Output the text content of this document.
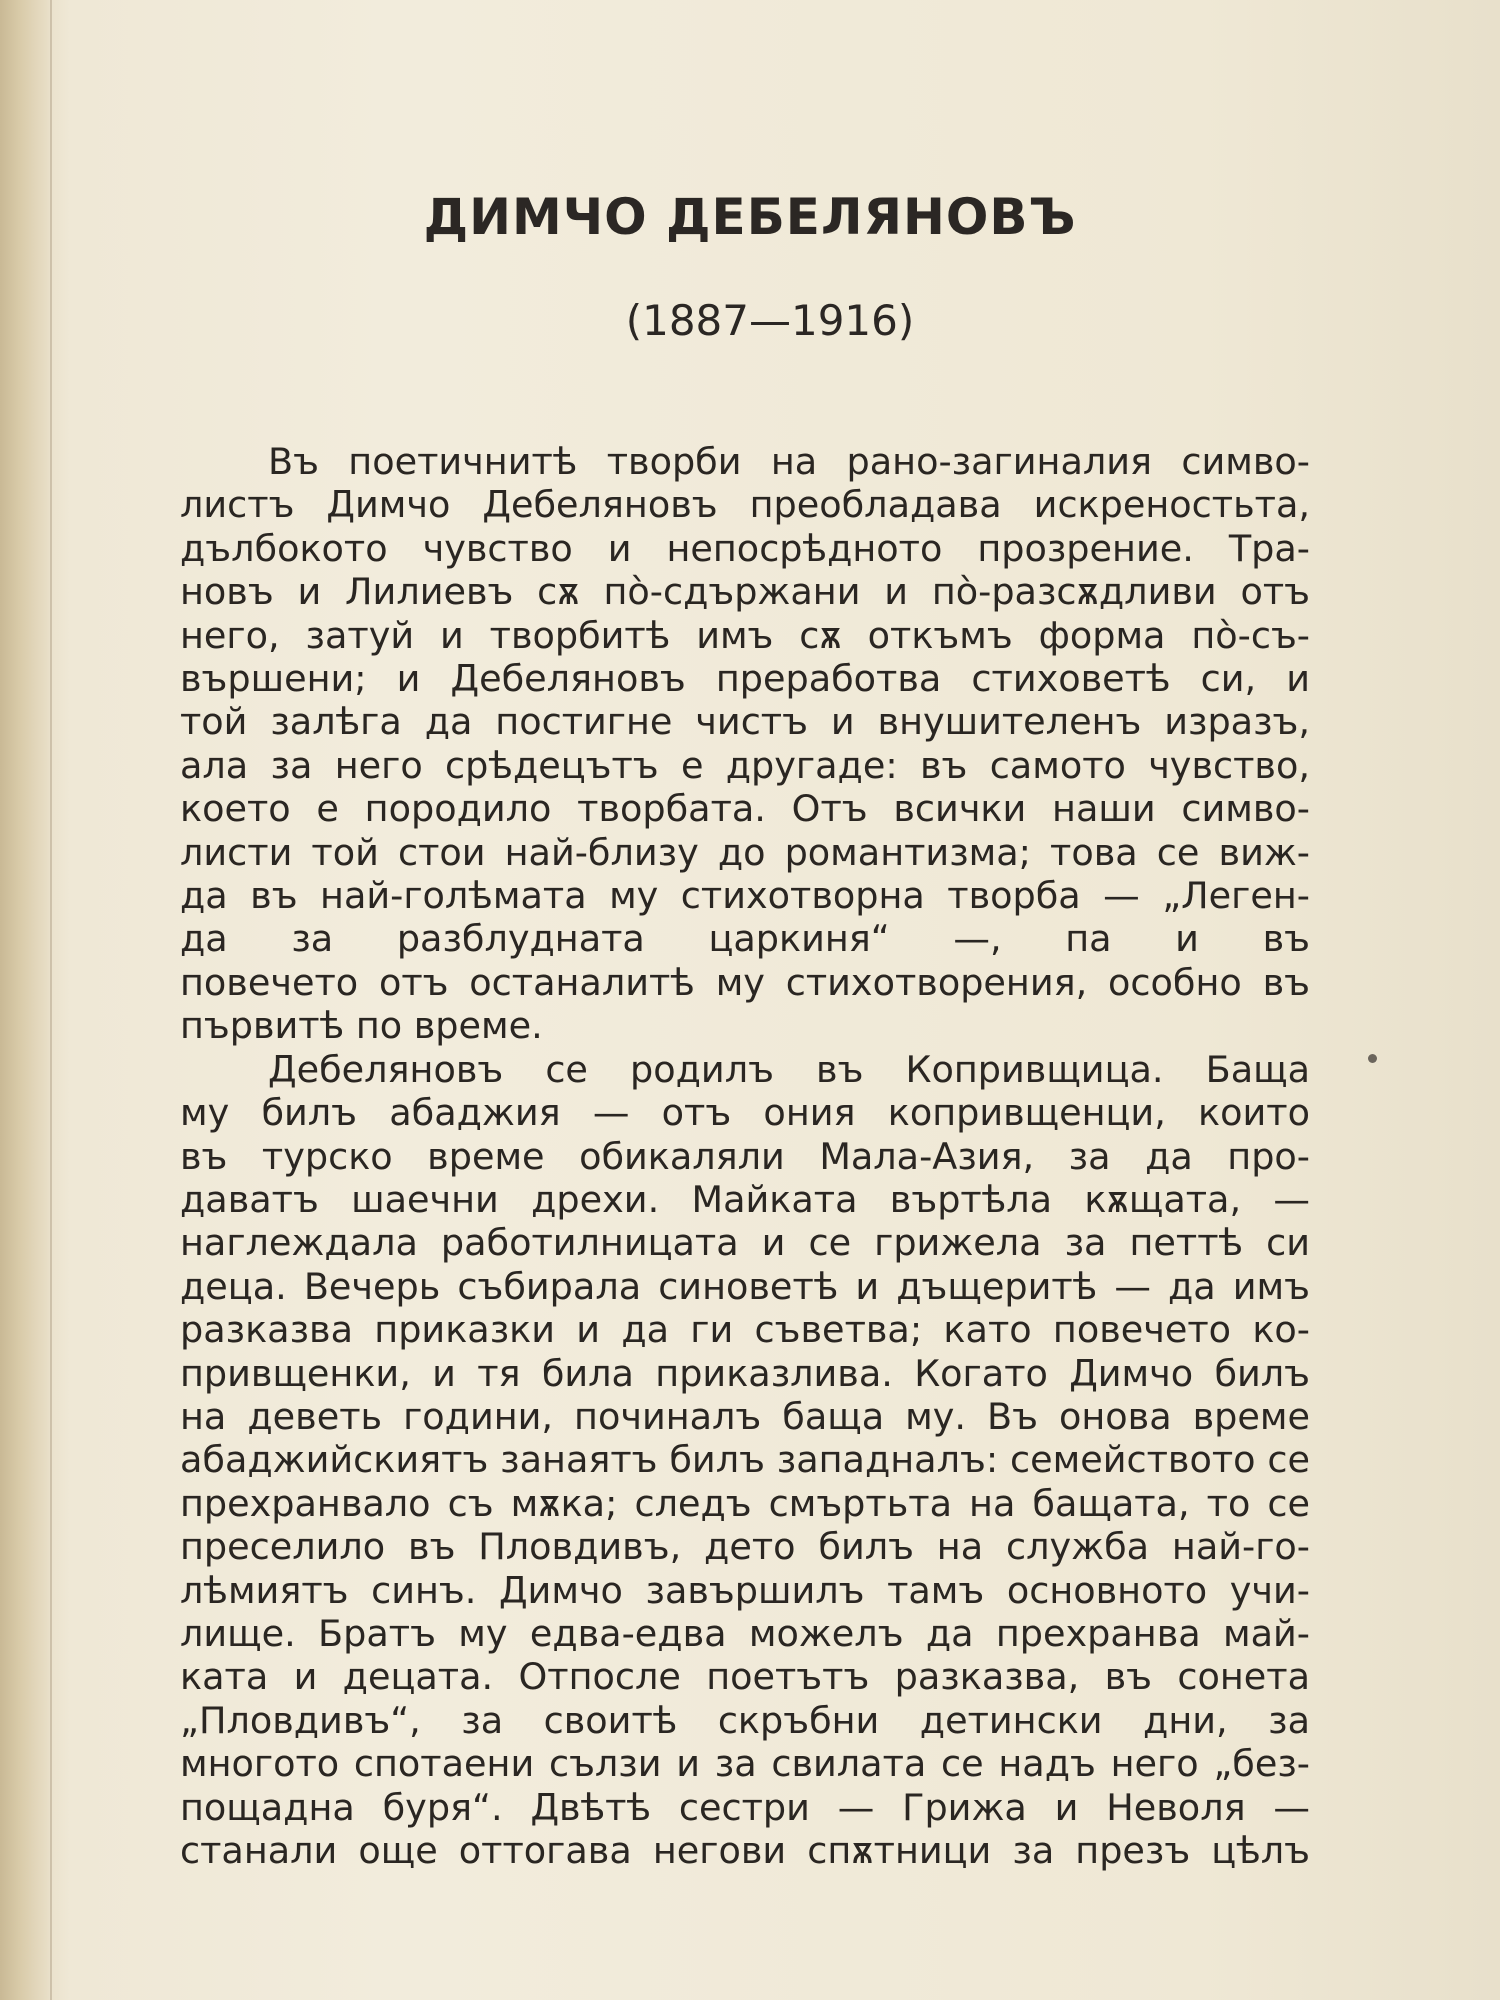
ДИМЧО ДЕБЕЛЯНОВЪ
(1887—1916)
Въ поетичнитѣ творби на рано-загиналия симво-
листъ Димчо Дебеляновъ преобладава искреностьта,
дълбокото чувство и непосрѣдното прозрение. Тра-
новъ и Лилиевъ сѫ по̀-сдържани и по̀-разсѫдливи отъ
него, затуй и творбитѣ имъ сѫ откъмъ форма по̀-съ-
вършени; и Дебеляновъ преработва стиховетѣ си, и
той залѣга да постигне чистъ и внушителенъ изразъ,
ала за него срѣдецътъ е другаде: въ самото чувство,
което е породило творбата. Отъ всички наши симво-
листи той стои най-близу до романтизма; това се виж-
да въ най-голѣмата му стихотворна творба — „Леген-
да за разблудната царкиня“ —, па и въ
повечето отъ останалитѣ му стихотворения, особно въ
първитѣ по време.
Дебеляновъ се родилъ въ Копривщица. Баща
му билъ абаджия — отъ ония копривщенци, които
въ турско време обикаляли Мала-Азия, за да про-
даватъ шаечни дрехи. Майката въртѣла кѫщата, —
наглеждала работилницата и се грижела за петтѣ си
деца. Вечерь събирала синоветѣ и дъщеритѣ — да имъ
разказва приказки и да ги съветва; като повечето ко-
привщенки, и тя била приказлива. Когато Димчо билъ
на деветь години, починалъ баща му. Въ онова време
абаджийскиятъ занаятъ билъ западналъ: семейството се
прехранвало съ мѫка; следъ смъртьта на бащата, то се
преселило въ Пловдивъ, дето билъ на служба най-го-
лѣмиятъ синъ. Димчо завършилъ тамъ основното учи-
лище. Братъ му едва-едва можелъ да прехранва май-
ката и децата. Отпосле поетътъ разказва, въ сонета
„Пловдивъ“, за своитѣ скръбни детински дни, за
многото спотаени сълзи и за свилата се надъ него „без-
пощадна буря“. Двѣтѣ сестри — Грижа и Неволя —
станали още оттогава негови спѫтници за презъ цѣлъ
